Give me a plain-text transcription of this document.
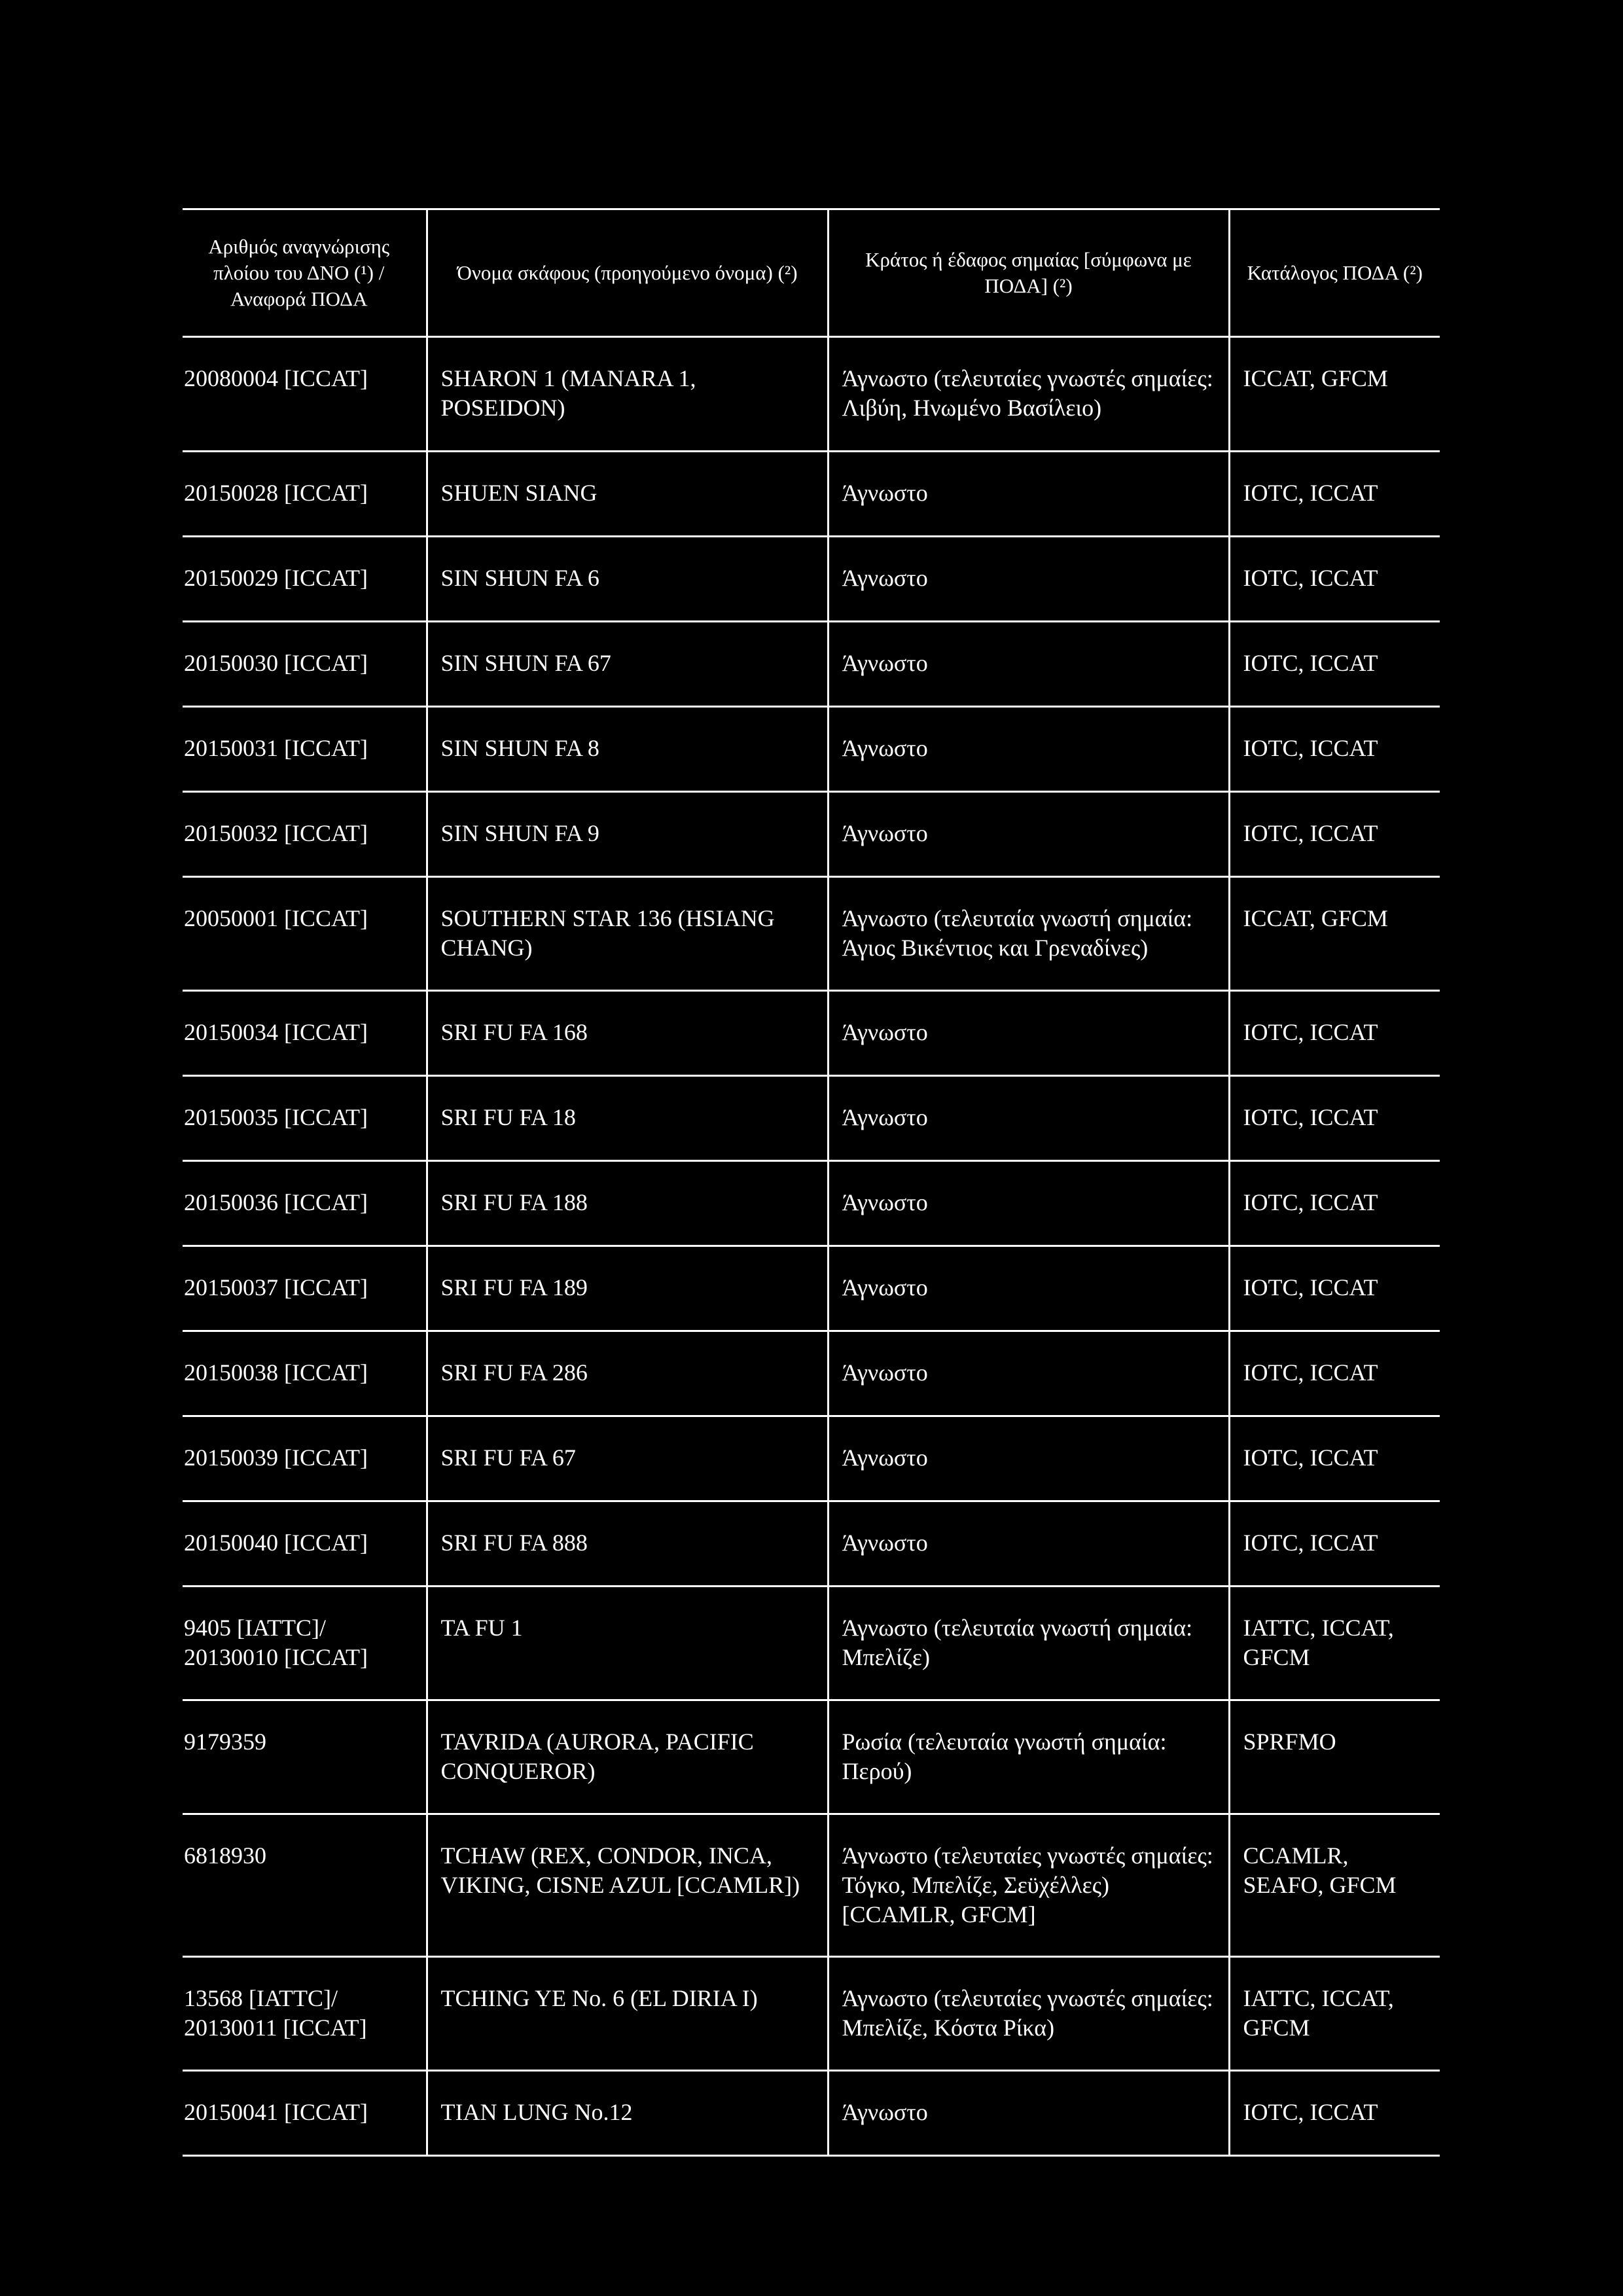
Αριθμός αναγνώρισης πλοίου του ΔΝΟ (¹) / Αναφορά ΠΟΔΑ	Όνομα σκάφους (προηγούμενο όνομα) (²)	Κράτος ή έδαφος σημαίας [σύμφωνα με ΠΟΔΑ] (²)	Κατάλογος ΠΟΔΑ (²)
20080004 [ICCAT]	SHARON 1 (MANARA 1, POSEIDON)	Άγνωστο (τελευταίες γνωστές σημαίες: Λιβύη, Ηνωμένο Βασίλειο)	ICCAT, GFCM
20150028 [ICCAT]	SHUEN SIANG	Άγνωστο	IOTC, ICCAT
20150029 [ICCAT]	SIN SHUN FA 6	Άγνωστο	IOTC, ICCAT
20150030 [ICCAT]	SIN SHUN FA 67	Άγνωστο	IOTC, ICCAT
20150031 [ICCAT]	SIN SHUN FA 8	Άγνωστο	IOTC, ICCAT
20150032 [ICCAT]	SIN SHUN FA 9	Άγνωστο	IOTC, ICCAT
20050001 [ICCAT]	SOUTHERN STAR 136 (HSIANG CHANG)	Άγνωστο (τελευταία γνωστή σημαία: Άγιος Βικέντιος και Γρεναδίνες)	ICCAT, GFCM
20150034 [ICCAT]	SRI FU FA 168	Άγνωστο	IOTC, ICCAT
20150035 [ICCAT]	SRI FU FA 18	Άγνωστο	IOTC, ICCAT
20150036 [ICCAT]	SRI FU FA 188	Άγνωστο	IOTC, ICCAT
20150037 [ICCAT]	SRI FU FA 189	Άγνωστο	IOTC, ICCAT
20150038 [ICCAT]	SRI FU FA 286	Άγνωστο	IOTC, ICCAT
20150039 [ICCAT]	SRI FU FA 67	Άγνωστο	IOTC, ICCAT
20150040 [ICCAT]	SRI FU FA 888	Άγνωστο	IOTC, ICCAT
9405 [IATTC]/ 20130010 [ICCAT]	TA FU 1	Άγνωστο (τελευταία γνωστή σημαία: Μπελίζε)	IATTC, ICCAT, GFCM
9179359	TAVRIDA (AURORA, PACIFIC CONQUEROR)	Ρωσία (τελευταία γνωστή σημαία: Περού)	SPRFMO
6818930	TCHAW (REX, CONDOR, INCA, VIKING, CISNE AZUL [CCAMLR])	Άγνωστο (τελευταίες γνωστές σημαίες: Τόγκο, Μπελίζε, Σεϋχέλλες) [CCAMLR, GFCM]	CCAMLR, SEAFO, GFCM
13568 [IATTC]/ 20130011 [ICCAT]	TCHING YE No. 6 (EL DIRIA I)	Άγνωστο (τελευταίες γνωστές σημαίες: Μπελίζε, Κόστα Ρίκα)	IATTC, ICCAT, GFCM
20150041 [ICCAT]	TIAN LUNG No.12	Άγνωστο	IOTC, ICCAT
